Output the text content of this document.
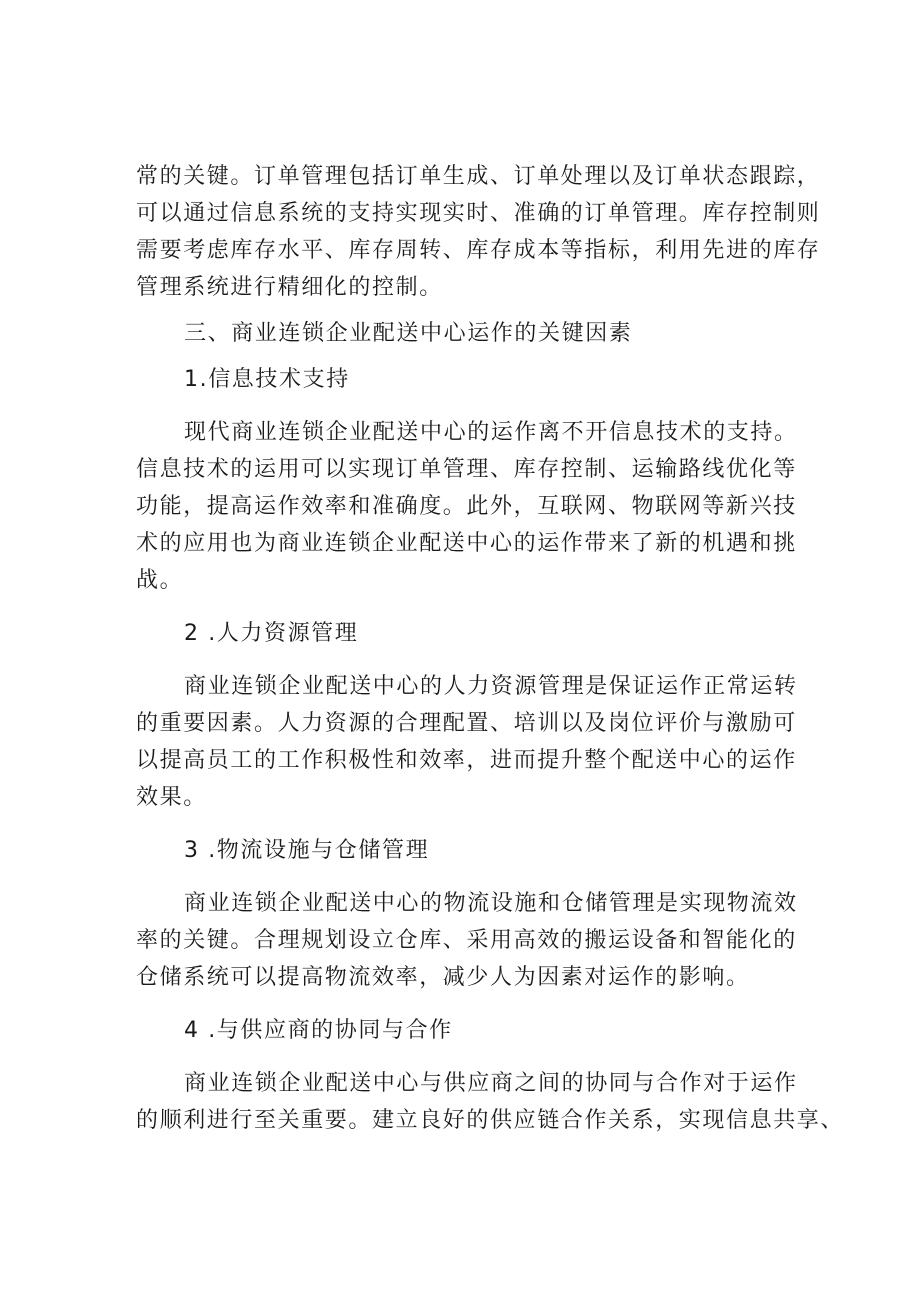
常的关键。订单管理包括订单生成、订单处理以及订单状态跟踪，
可以通过信息系统的支持实现实时、准确的订单管理。库存控制则
需要考虑库存水平、库存周转、库存成本等指标，利用先进的库存
管理系统进行精细化的控制。
三、商业连锁企业配送中心运作的关键因素
1.信息技术支持
现代商业连锁企业配送中心的运作离不开信息技术的支持。
信息技术的运用可以实现订单管理、库存控制、运输路线优化等
功能，提高运作效率和准确度。此外，互联网、物联网等新兴技
术的应用也为商业连锁企业配送中心的运作带来了新的机遇和挑
战。
2 .人力资源管理
商业连锁企业配送中心的人力资源管理是保证运作正常运转
的重要因素。人力资源的合理配置、培训以及岗位评价与激励可
以提高员工的工作积极性和效率，进而提升整个配送中心的运作
效果。
3 .物流设施与仓储管理
商业连锁企业配送中心的物流设施和仓储管理是实现物流效
率的关键。合理规划设立仓库、采用高效的搬运设备和智能化的
仓储系统可以提高物流效率，减少人为因素对运作的影响。
4 .与供应商的协同与合作
商业连锁企业配送中心与供应商之间的协同与合作对于运作
的顺利进行至关重要。建立良好的供应链合作关系，实现信息共享、
